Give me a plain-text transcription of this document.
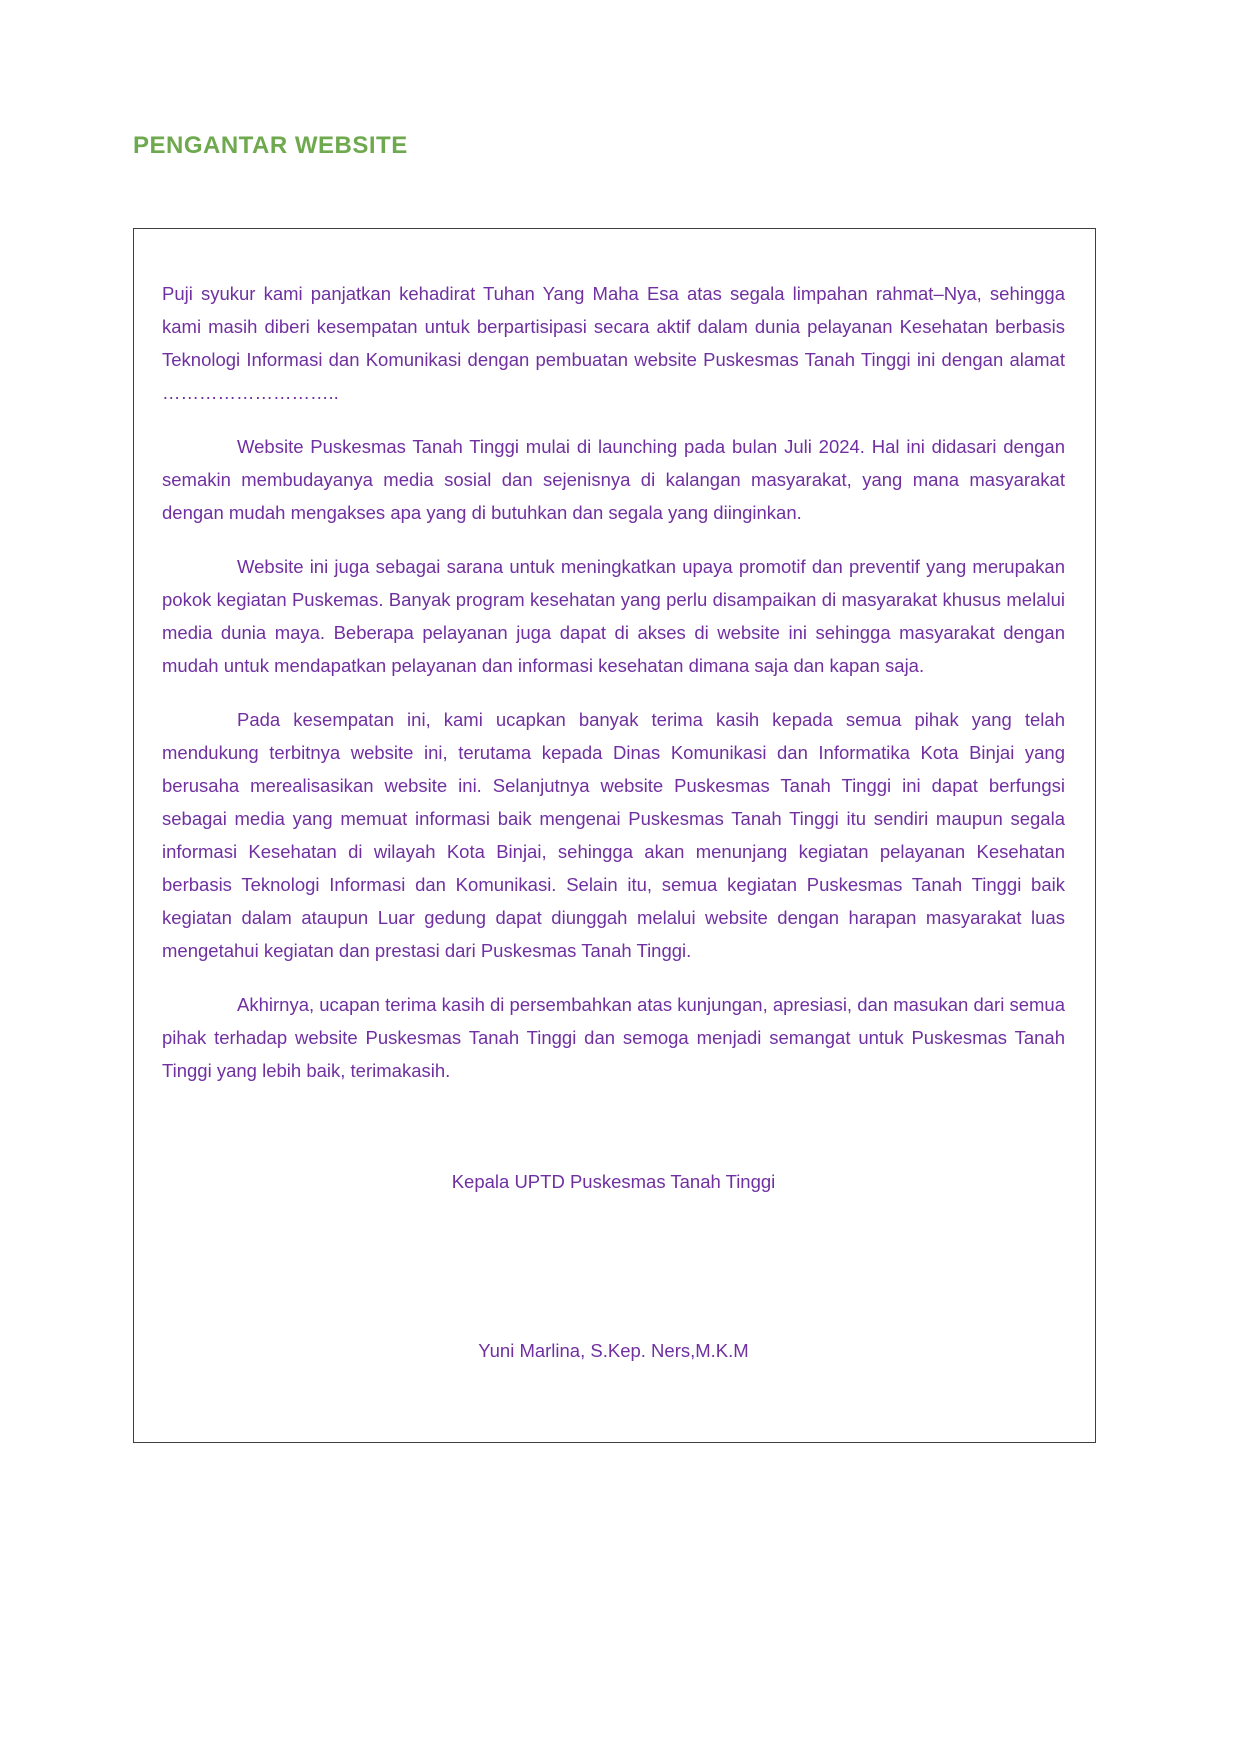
PENGANTAR WEBSITE

Puji syukur kami panjatkan kehadirat Tuhan Yang Maha Esa atas segala limpahan rahmat–Nya, sehingga kami masih diberi kesempatan untuk berpartisipasi secara aktif dalam dunia pelayanan Kesehatan berbasis Teknologi Informasi dan Komunikasi dengan pembuatan website Puskesmas Tanah Tinggi ini dengan alamat ………………………..

Website Puskesmas Tanah Tinggi mulai di launching pada bulan Juli 2024. Hal ini didasari dengan semakin membudayanya media sosial dan sejenisnya di kalangan masyarakat, yang mana masyarakat dengan mudah mengakses apa yang di butuhkan dan segala yang diinginkan.

Website ini juga sebagai sarana untuk meningkatkan upaya promotif dan preventif yang merupakan pokok kegiatan Puskemas. Banyak program kesehatan yang perlu disampaikan di masyarakat khusus melalui media dunia maya. Beberapa pelayanan juga dapat di akses di website ini sehingga masyarakat dengan mudah untuk mendapatkan pelayanan dan informasi kesehatan dimana saja dan kapan saja.

Pada kesempatan ini, kami ucapkan banyak terima kasih kepada semua pihak yang telah mendukung terbitnya website ini, terutama kepada Dinas Komunikasi dan Informatika Kota Binjai yang berusaha merealisasikan website ini. Selanjutnya website Puskesmas Tanah Tinggi ini dapat berfungsi sebagai media yang memuat informasi baik mengenai Puskesmas Tanah Tinggi itu sendiri maupun segala informasi Kesehatan di wilayah Kota Binjai, sehingga akan menunjang kegiatan pelayanan Kesehatan berbasis Teknologi Informasi dan Komunikasi. Selain itu, semua kegiatan Puskesmas Tanah Tinggi baik kegiatan dalam ataupun Luar gedung dapat diunggah melalui website dengan harapan masyarakat luas mengetahui kegiatan dan prestasi dari Puskesmas Tanah Tinggi.

Akhirnya, ucapan terima kasih di persembahkan atas kunjungan, apresiasi, dan masukan dari semua pihak terhadap website Puskesmas Tanah Tinggi dan semoga menjadi semangat untuk Puskesmas Tanah Tinggi yang lebih baik, terimakasih.

Kepala UPTD Puskesmas Tanah Tinggi

Yuni Marlina, S.Kep. Ners,M.K.M
